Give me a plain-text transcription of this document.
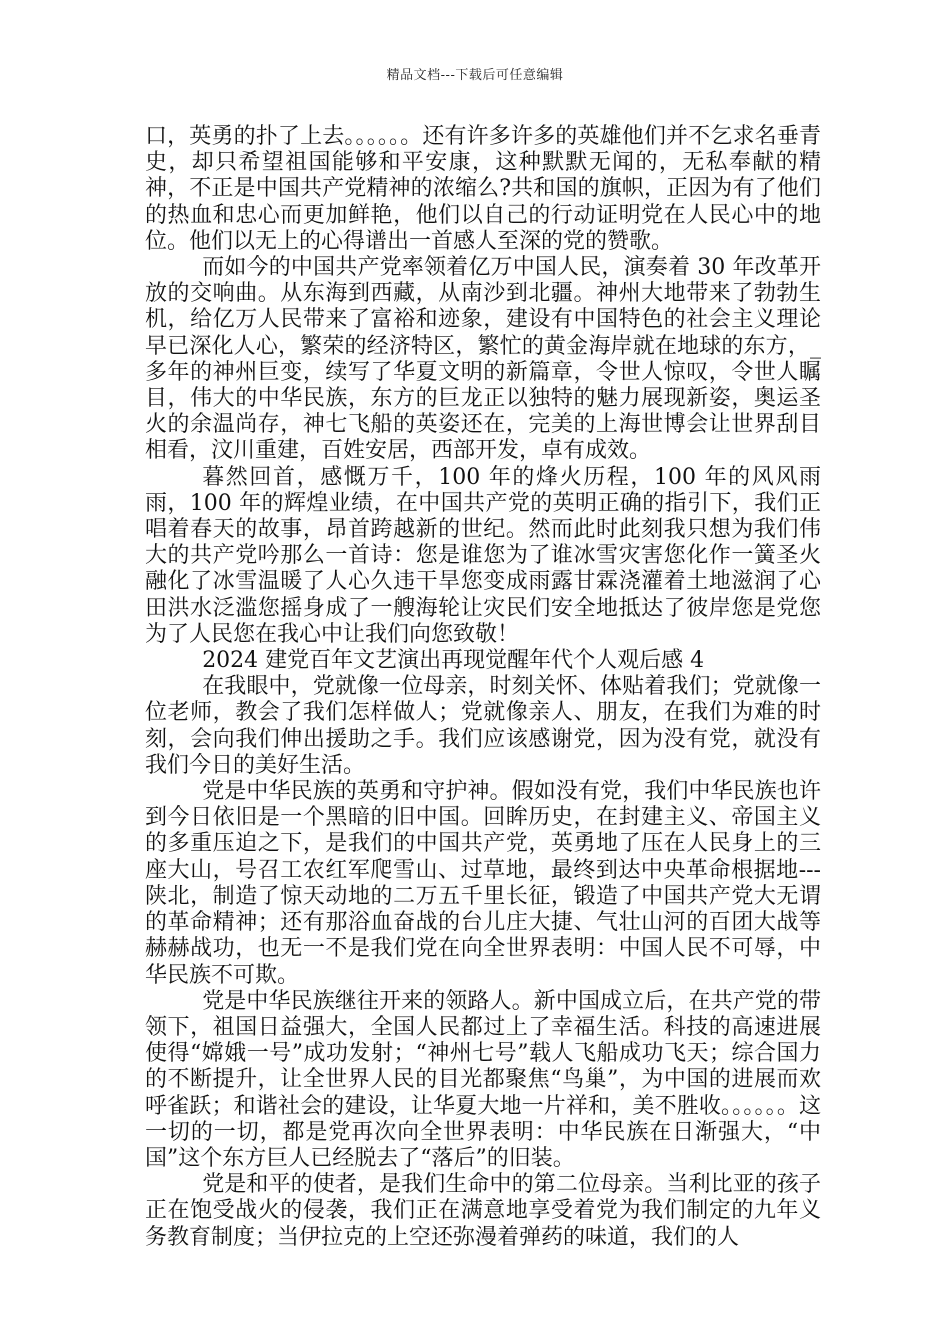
精品文档---下载后可任意编辑

口，英勇的扑了上去。。。。。。还有许多许多的英雄他们并不乞求名垂青史，却只希望祖国能够和平安康，这种默默无闻的，无私奉献的精神，不正是中国共产党精神的浓缩么?共和国的旗帜，正因为有了他们的热血和忠心而更加鲜艳，他们以自己的行动证明党在人民心中的地位。他们以无上的心得谱出一首感人至深的党的赞歌。

而如今的中国共产党率领着亿万中国人民，演奏着 30 年改革开放的交响曲。从东海到西藏，从南沙到北疆。神州大地带来了勃勃生机，给亿万人民带来了富裕和迹象，建设有中国特色的社会主义理论早已深化人心，繁荣的经济特区，繁忙的黄金海岸就在地球的东方，_多年的神州巨变，续写了华夏文明的新篇章，令世人惊叹，令世人瞩目，伟大的中华民族，东方的巨龙正以独特的魅力展现新姿，奥运圣火的余温尚存，神七飞船的英姿还在，完美的上海世博会让世界刮目相看，汶川重建，百姓安居，西部开发，卓有成效。

暮然回首，感慨万千，100 年的烽火历程，100 年的风风雨雨，100 年的辉煌业绩，在中国共产党的英明正确的指引下，我们正唱着春天的故事，昂首跨越新的世纪。然而此时此刻我只想为我们伟大的共产党吟那么一首诗：您是谁您为了谁冰雪灾害您化作一簧圣火融化了冰雪温暖了人心久违干旱您变成雨露甘霖浇灌着土地滋润了心田洪水泛滥您摇身成了一艘海轮让灾民们安全地抵达了彼岸您是党您为了人民您在我心中让我们向您致敬！

2024 建党百年文艺演出再现觉醒年代个人观后感 4

在我眼中，党就像一位母亲，时刻关怀、体贴着我们；党就像一位老师，教会了我们怎样做人；党就像亲人、朋友，在我们为难的时刻，会向我们伸出援助之手。我们应该感谢党，因为没有党，就没有我们今日的美好生活。

党是中华民族的英勇和守护神。假如没有党，我们中华民族也许到今日依旧是一个黑暗的旧中国。回眸历史，在封建主义、帝国主义的多重压迫之下，是我们的中国共产党，英勇地了压在人民身上的三座大山，号召工农红军爬雪山、过草地，最终到达中央革命根据地---陕北，制造了惊天动地的二万五千里长征，锻造了中国共产党大无谓的革命精神；还有那浴血奋战的台儿庄大捷、气壮山河的百团大战等赫赫战功，也无一不是我们党在向全世界表明：中国人民不可辱，中华民族不可欺。

党是中华民族继往开来的领路人。新中国成立后，在共产党的带领下，祖国日益强大，全国人民都过上了幸福生活。科技的高速进展使得“嫦娥一号”成功发射；“神州七号”载人飞船成功飞天；综合国力的不断提升，让全世界人民的目光都聚焦“鸟巢”，为中国的进展而欢呼雀跃；和谐社会的建设，让华夏大地一片祥和，美不胜收。。。。。。这一切的一切，都是党再次向全世界表明：中华民族在日渐强大，“中国”这个东方巨人已经脱去了“落后”的旧装。

党是和平的使者，是我们生命中的第二位母亲。当利比亚的孩子正在饱受战火的侵袭，我们正在满意地享受着党为我们制定的九年义务教育制度；当伊拉克的上空还弥漫着弹药的味道，我们的人
